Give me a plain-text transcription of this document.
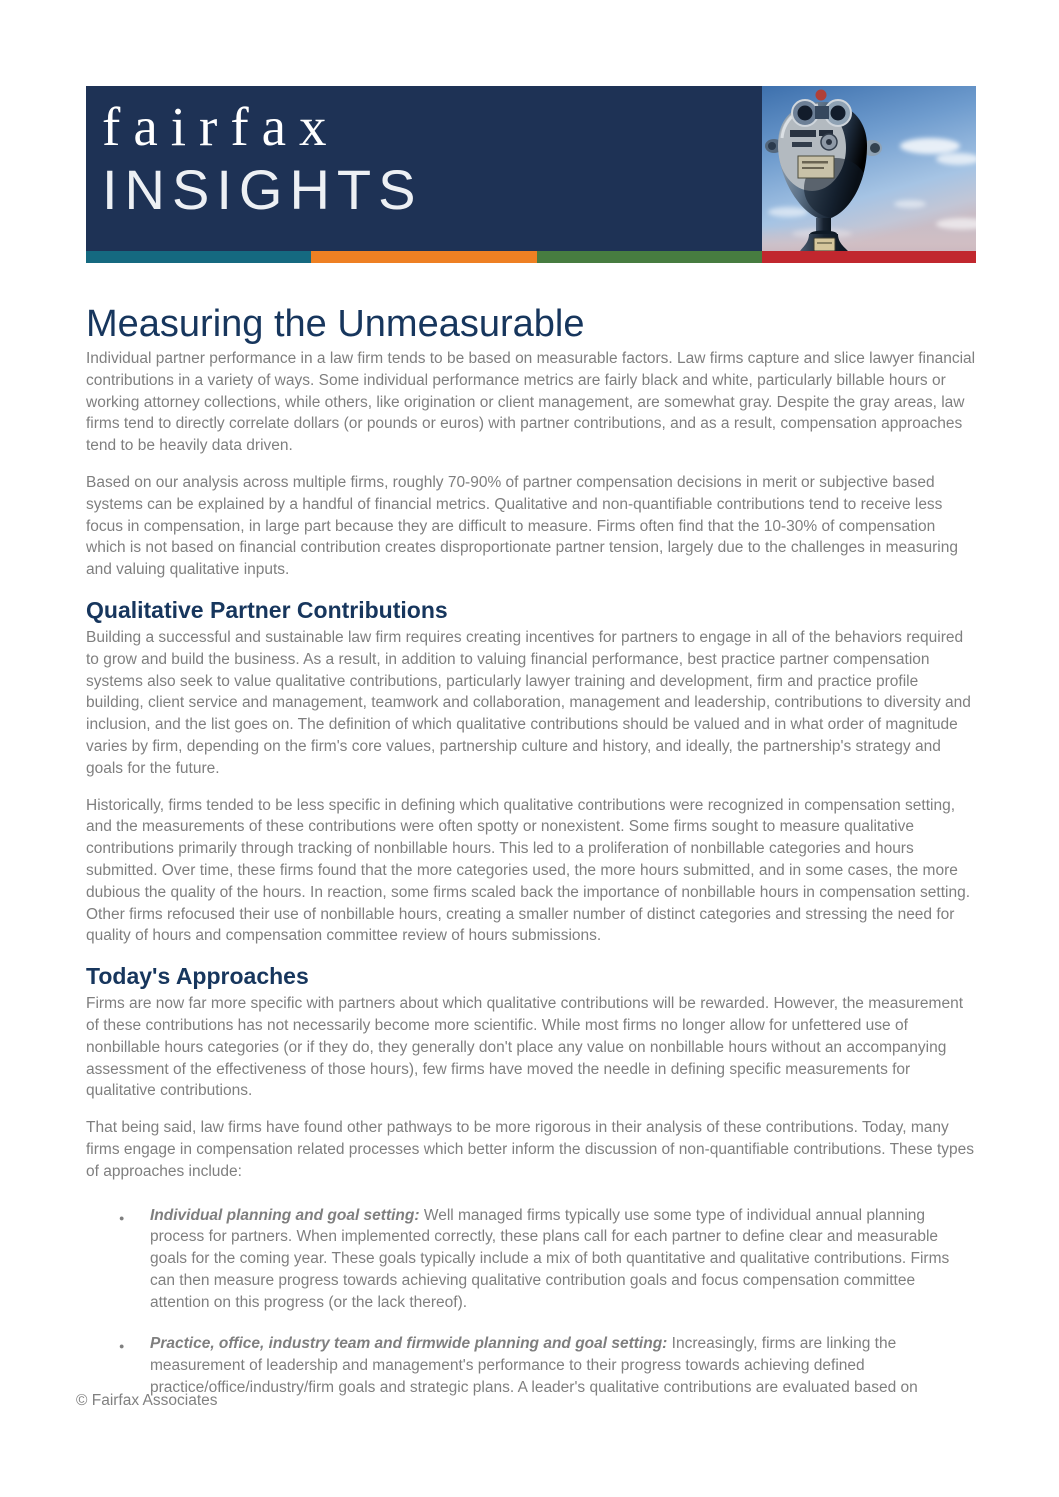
fairfax
INSIGHTS
Measuring the Unmeasurable

Individual partner performance in a law firm tends to be based on measurable factors. Law firms capture and slice lawyer financial contributions in a variety of ways. Some individual performance metrics are fairly black and white, particularly billable hours or working attorney collections, while others, like origination or client management, are somewhat gray. Despite the gray areas, law firms tend to directly correlate dollars (or pounds or euros) with partner contributions, and as a result, compensation approaches tend to be heavily data driven.

Based on our analysis across multiple firms, roughly 70-90% of partner compensation decisions in merit or subjective based systems can be explained by a handful of financial metrics. Qualitative and non-quantifiable contributions tend to receive less focus in compensation, in large part because they are difficult to measure. Firms often find that the 10-30% of compensation which is not based on financial contribution creates disproportionate partner tension, largely due to the challenges in measuring and valuing qualitative inputs.

Qualitative Partner Contributions

Building a successful and sustainable law firm requires creating incentives for partners to engage in all of the behaviors required to grow and build the business. As a result, in addition to valuing financial performance, best practice partner compensation systems also seek to value qualitative contributions, particularly lawyer training and development, firm and practice profile building, client service and management, teamwork and collaboration, management and leadership, contributions to diversity and inclusion, and the list goes on. The definition of which qualitative contributions should be valued and in what order of magnitude varies by firm, depending on the firm's core values, partnership culture and history, and ideally, the partnership's strategy and goals for the future.

Historically, firms tended to be less specific in defining which qualitative contributions were recognized in compensation setting, and the measurements of these contributions were often spotty or nonexistent. Some firms sought to measure qualitative contributions primarily through tracking of nonbillable hours. This led to a proliferation of nonbillable categories and hours submitted. Over time, these firms found that the more categories used, the more hours submitted, and in some cases, the more dubious the quality of the hours. In reaction, some firms scaled back the importance of nonbillable hours in compensation setting. Other firms refocused their use of nonbillable hours, creating a smaller number of distinct categories and stressing the need for quality of hours and compensation committee review of hours submissions.

Today's Approaches

Firms are now far more specific with partners about which qualitative contributions will be rewarded. However, the measurement of these contributions has not necessarily become more scientific. While most firms no longer allow for unfettered use of nonbillable hours categories (or if they do, they generally don't place any value on nonbillable hours without an accompanying assessment of the effectiveness of those hours), few firms have moved the needle in defining specific measurements for qualitative contributions.

That being said, law firms have found other pathways to be more rigorous in their analysis of these contributions. Today, many firms engage in compensation related processes which better inform the discussion of non-quantifiable contributions. These types of approaches include:

● Individual planning and goal setting: Well managed firms typically use some type of individual annual planning process for partners. When implemented correctly, these plans call for each partner to define clear and measurable goals for the coming year. These goals typically include a mix of both quantitative and qualitative contributions. Firms can then measure progress towards achieving qualitative contribution goals and focus compensation committee attention on this progress (or the lack thereof).
● Practice, office, industry team and firmwide planning and goal setting: Increasingly, firms are linking the measurement of leadership and management's performance to their progress towards achieving defined practice/office/industry/firm goals and strategic plans. A leader's qualitative contributions are evaluated based on
© Fairfax Associates
